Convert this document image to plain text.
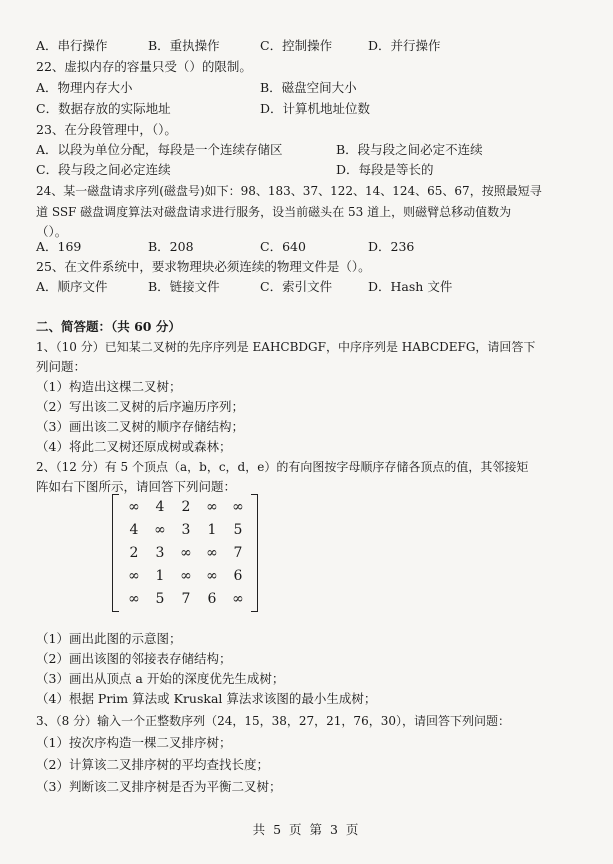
A．串行操作	B．重执操作	C．控制操作	D．并行操作
22、虚拟内存的容量只受（）的限制。
A．物理内存大小	B．磁盘空间大小
C．数据存放的实际地址	D．计算机地址位数
23、在分段管理中，（）。
A．以段为单位分配，每段是一个连续存储区	B．段与段之间必定不连续
C．段与段之间必定连续	D．每段是等长的
24、某一磁盘请求序列(磁盘号)如下：98、183、37、122、14、124、65、67，按照最短寻
道 SSF 磁盘调度算法对磁盘请求进行服务，设当前磁头在 53 道上，则磁臂总移动值数为
（）。
A．169	B．208	C．640	D．236
25、在文件系统中，要求物理块必须连续的物理文件是（）。
A．顺序文件	B．链接文件	C．索引文件	D．Hash 文件
二、简答题：（共 60 分）
1、（10 分）已知某二叉树的先序序列是 EAHCBDGF，中序序列是 HABCDEFG，请回答下
列问题：
（1）构造出这棵二叉树；
（2）写出该二叉树的后序遍历序列；
（3）画出该二叉树的顺序存储结构；
（4）将此二叉树还原成树或森林；
2、（12 分）有 5 个顶点（a，b，c，d，e）的有向图按字母顺序存储各顶点的值，其邻接矩
阵如右下图所示，请回答下列问题：
∞	4	2	∞	∞
4	∞	3	1	5
2	3	∞	∞	7
∞	1	∞	∞	6
∞	5	7	6	∞
（1）画出此图的示意图；
（2）画出该图的邻接表存储结构；
（3）画出从顶点 a 开始的深度优先生成树；
（4）根据 Prim 算法或 Kruskal 算法求该图的最小生成树；
3、（8 分）输入一个正整数序列（24，15，38，27，21，76，30），请回答下列问题：
（1）按次序构造一棵二叉排序树；
（2）计算该二叉排序树的平均查找长度；
（3）判断该二叉排序树是否为平衡二叉树；
共 5 页 第 3 页
